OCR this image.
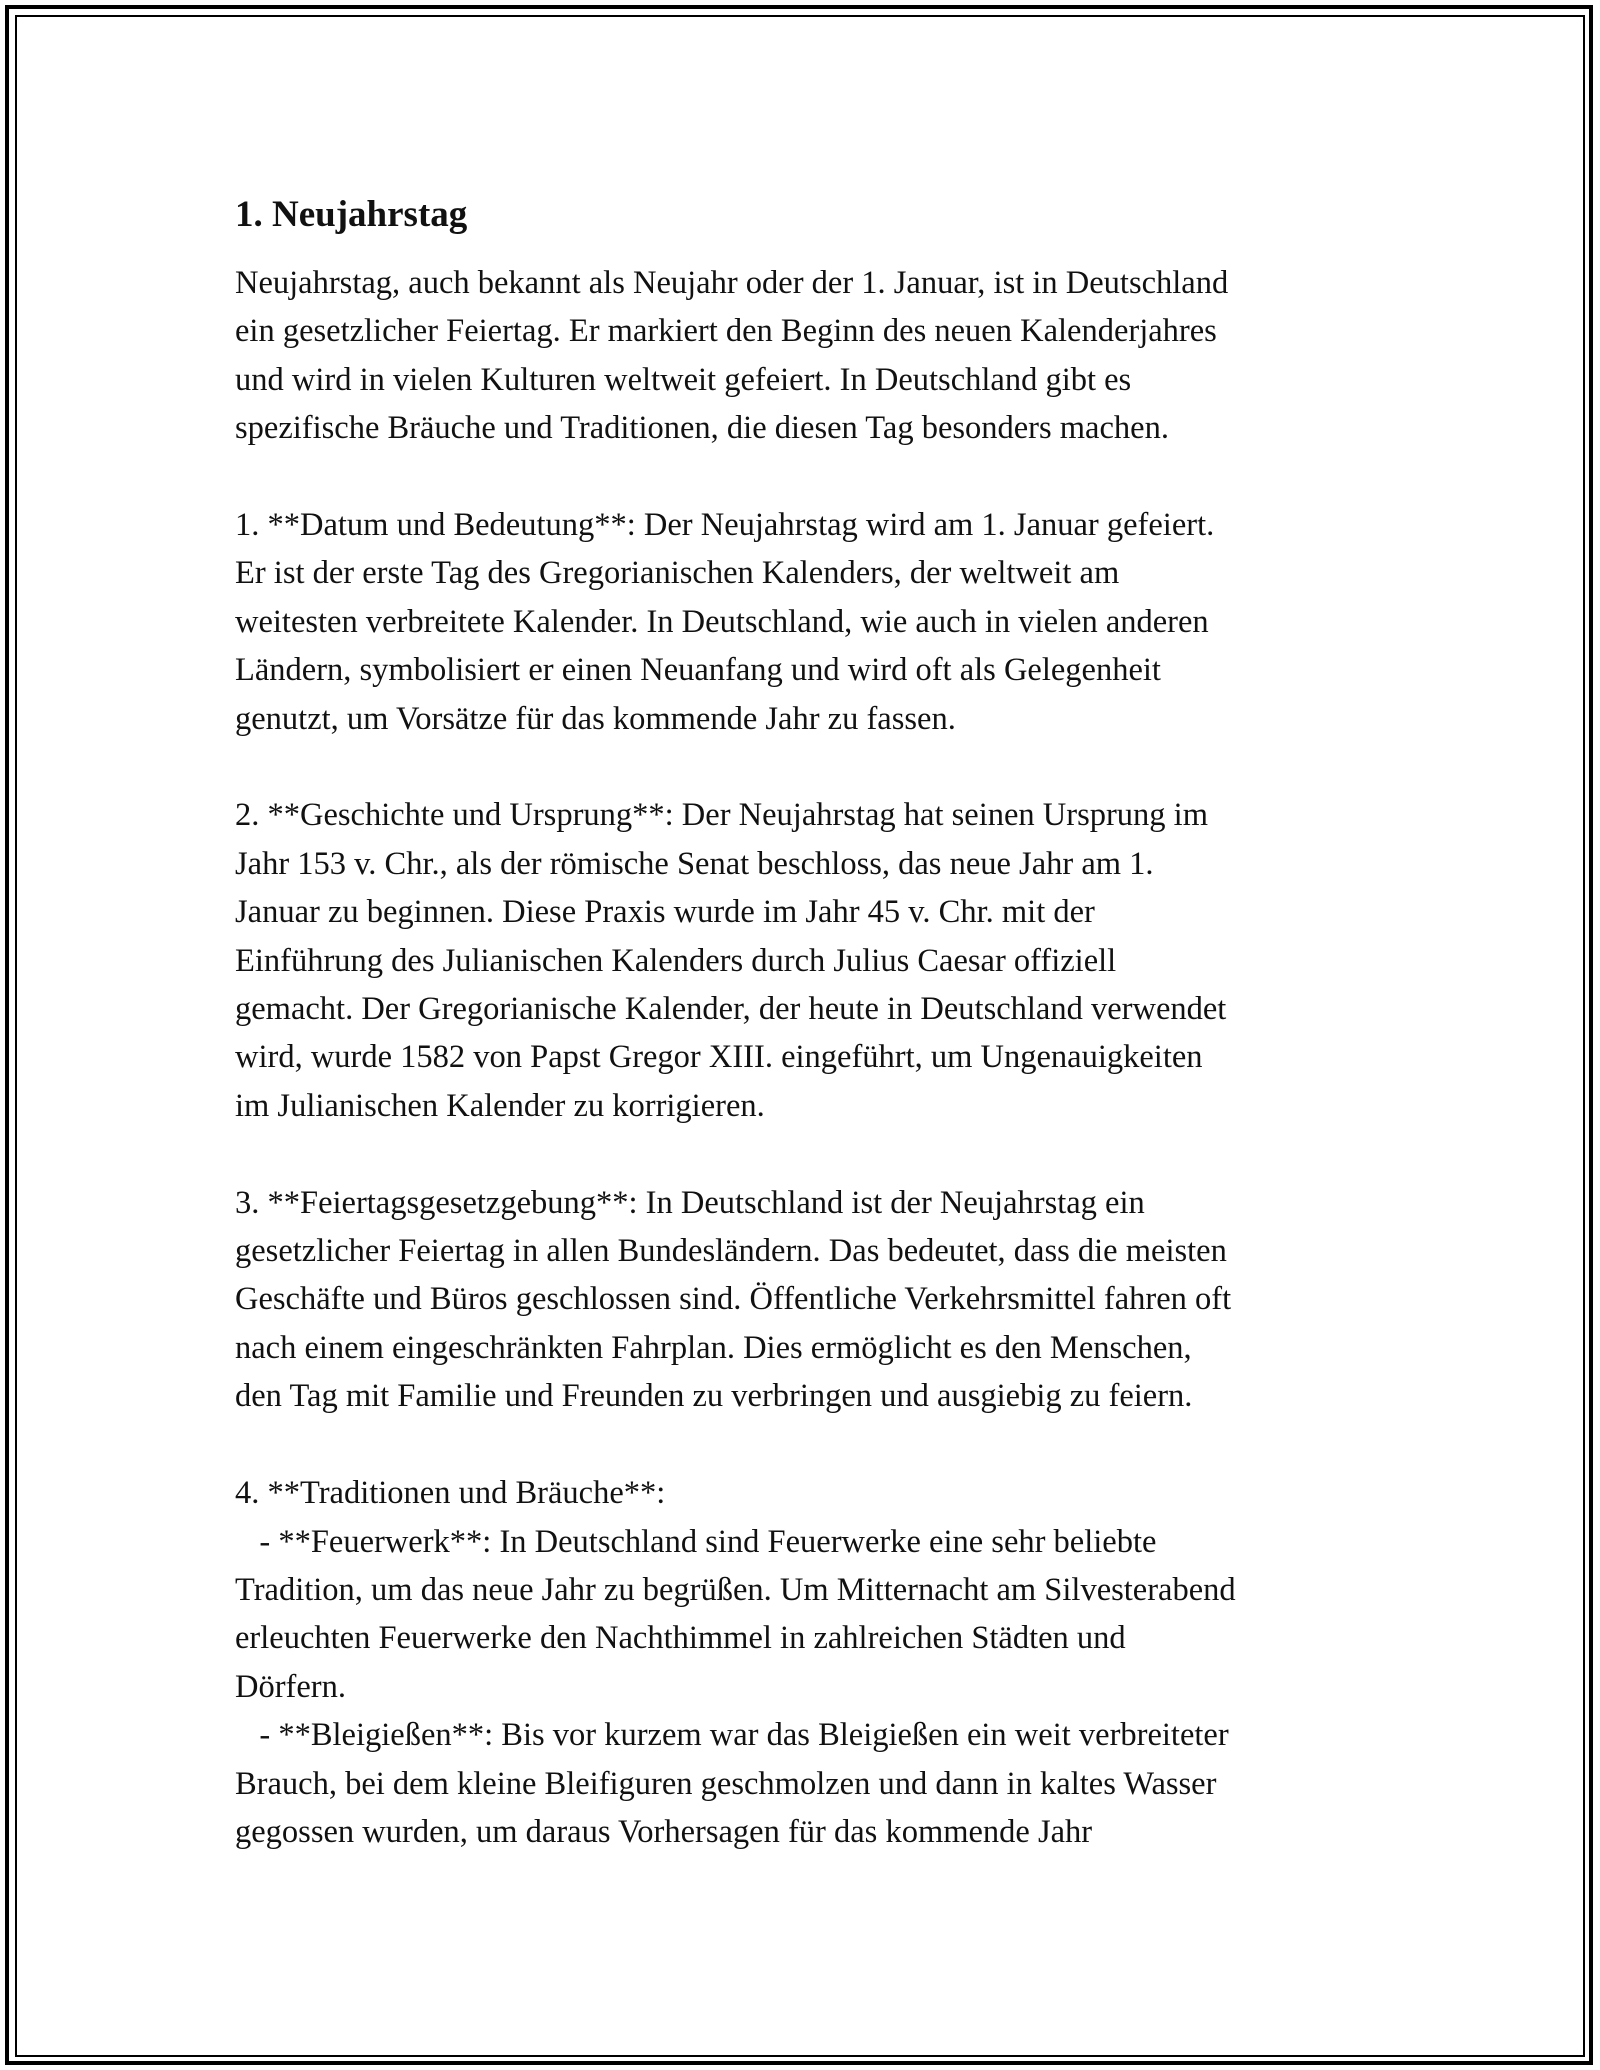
1. Neujahrstag
Neujahrstag, auch bekannt als Neujahr oder der 1. Januar, ist in Deutschland
ein gesetzlicher Feiertag. Er markiert den Beginn des neuen Kalenderjahres
und wird in vielen Kulturen weltweit gefeiert. In Deutschland gibt es
spezifische Bräuche und Traditionen, die diesen Tag besonders machen.
1. **Datum und Bedeutung**: Der Neujahrstag wird am 1. Januar gefeiert.
Er ist der erste Tag des Gregorianischen Kalenders, der weltweit am
weitesten verbreitete Kalender. In Deutschland, wie auch in vielen anderen
Ländern, symbolisiert er einen Neuanfang und wird oft als Gelegenheit
genutzt, um Vorsätze für das kommende Jahr zu fassen.
2. **Geschichte und Ursprung**: Der Neujahrstag hat seinen Ursprung im
Jahr 153 v. Chr., als der römische Senat beschloss, das neue Jahr am 1.
Januar zu beginnen. Diese Praxis wurde im Jahr 45 v. Chr. mit der
Einführung des Julianischen Kalenders durch Julius Caesar offiziell
gemacht. Der Gregorianische Kalender, der heute in Deutschland verwendet
wird, wurde 1582 von Papst Gregor XIII. eingeführt, um Ungenauigkeiten
im Julianischen Kalender zu korrigieren.
3. **Feiertagsgesetzgebung**: In Deutschland ist der Neujahrstag ein
gesetzlicher Feiertag in allen Bundesländern. Das bedeutet, dass die meisten
Geschäfte und Büros geschlossen sind. Öffentliche Verkehrsmittel fahren oft
nach einem eingeschränkten Fahrplan. Dies ermöglicht es den Menschen,
den Tag mit Familie und Freunden zu verbringen und ausgiebig zu feiern.
4. **Traditionen und Bräuche**:
- **Feuerwerk**: In Deutschland sind Feuerwerke eine sehr beliebte
Tradition, um das neue Jahr zu begrüßen. Um Mitternacht am Silvesterabend
erleuchten Feuerwerke den Nachthimmel in zahlreichen Städten und
Dörfern.
- **Bleigießen**: Bis vor kurzem war das Bleigießen ein weit verbreiteter
Brauch, bei dem kleine Bleifiguren geschmolzen und dann in kaltes Wasser
gegossen wurden, um daraus Vorhersagen für das kommende Jahr
